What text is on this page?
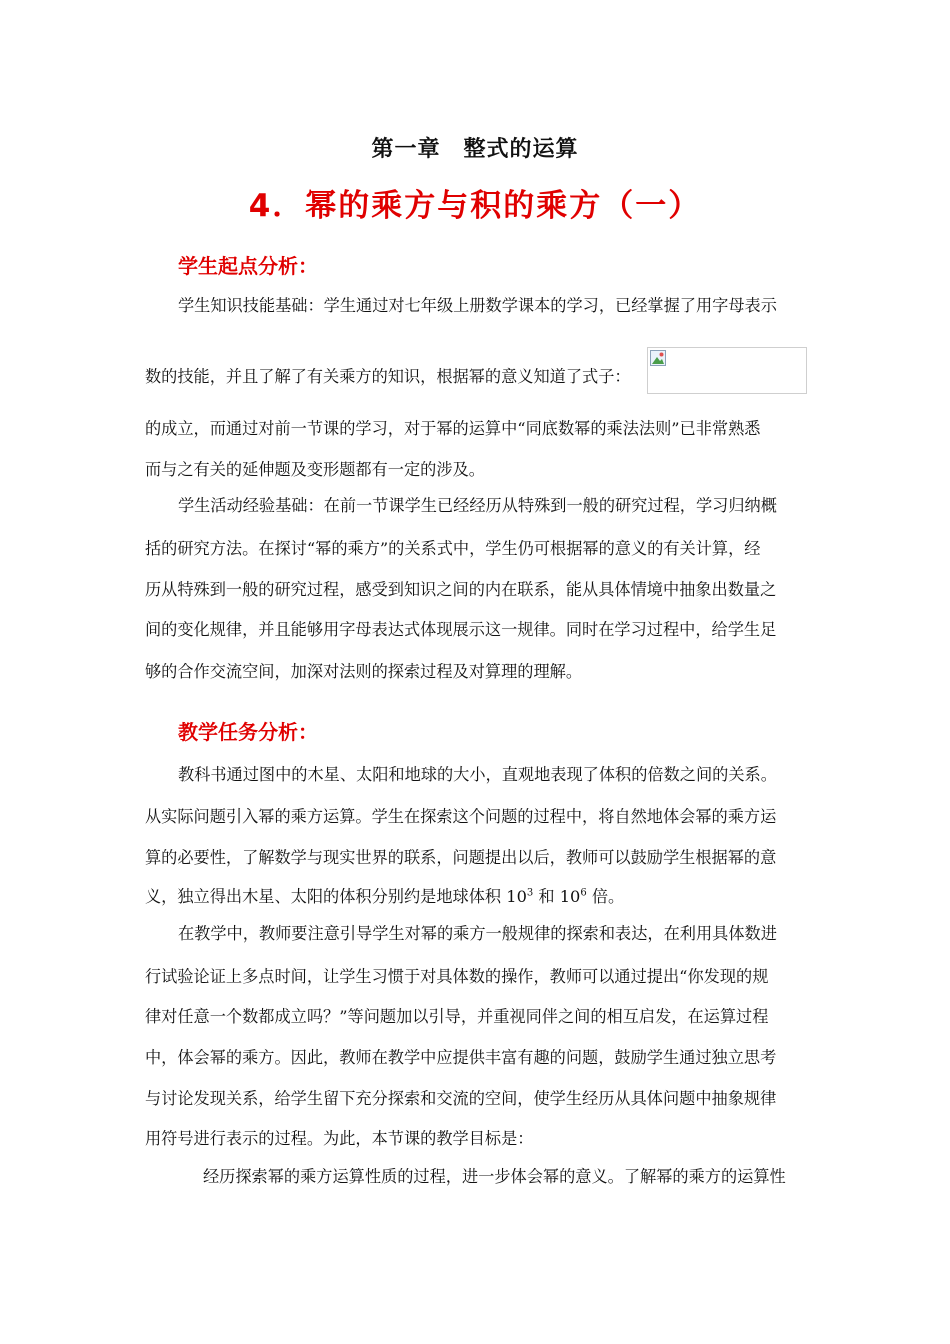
第一章　整式的运算
4．幂的乘方与积的乘方（一）
学生起点分析：
学生知识技能基础：学生通过对七年级上册数学课本的学习，已经掌握了用字母表示
数的技能，并且了解了有关乘方的知识，根据幂的意义知道了式子：
的成立，而通过对前一节课的学习，对于幂的运算中“同底数幂的乘法法则”已非常熟悉
而与之有关的延伸题及变形题都有一定的涉及。
学生活动经验基础：在前一节课学生已经经历从特殊到一般的研究过程，学习归纳概
括的研究方法。在探讨“幂的乘方”的关系式中，学生仍可根据幂的意义的有关计算，经
历从特殊到一般的研究过程，感受到知识之间的内在联系，能从具体情境中抽象出数量之
间的变化规律，并且能够用字母表达式体现展示这一规律。同时在学习过程中，给学生足
够的合作交流空间，加深对法则的探索过程及对算理的理解。
教学任务分析：
教科书通过图中的木星、太阳和地球的大小，直观地表现了体积的倍数之间的关系。
从实际问题引入幂的乘方运算。学生在探索这个问题的过程中，将自然地体会幂的乘方运
算的必要性，了解数学与现实世界的联系，问题提出以后，教师可以鼓励学生根据幂的意
义，独立得出木星、太阳的体积分别约是地球体积 $10^3$ 和 $10^6$ 倍。
在教学中，教师要注意引导学生对幂的乘方一般规律的探索和表达，在利用具体数进
行试验论证上多点时间，让学生习惯于对具体数的操作，教师可以通过提出“你发现的规
律对任意一个数都成立吗？”等问题加以引导，并重视同伴之间的相互启发，在运算过程
中，体会幂的乘方。因此，教师在教学中应提供丰富有趣的问题，鼓励学生通过独立思考
与讨论发现关系，给学生留下充分探索和交流的空间，使学生经历从具体问题中抽象规律
用符号进行表示的过程。为此，本节课的教学目标是：
经历探索幂的乘方运算性质的过程，进一步体会幂的意义。了解幂的乘方的运算性
